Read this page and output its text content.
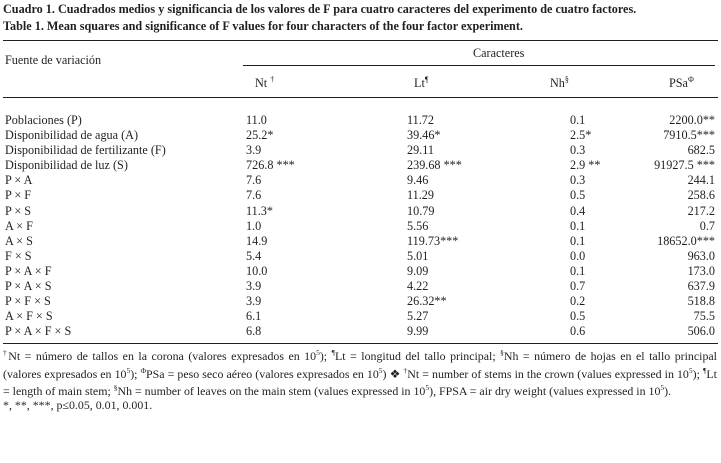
Cuadro 1. Cuadrados medios y significancia de los valores de F para cuatro caracteres del experimento de cuatro factores.
Table 1. Mean squares and significance of F values for four characters of the four factor experiment.
Caracteres
Fuente de variación
Nt †	Lt¶	Nh§	PSa$^\Phi$
Poblaciones (P)	11.0	11.72	0.1	2200.0**
Disponibilidad de agua (A)	25.2*	39.46*	2.5*	7910.5***
Disponibilidad de fertilizante (F)	3.9	29.11	0.3	682.5
Disponibilidad de luz (S)	726.8 ***	239.68 ***	2.9 **	91927.5 ***
P × A	7.6	9.46	0.3	244.1
P × F	7.6	11.29	0.5	258.6
P × S	11.3*	10.79	0.4	217.2
A × F	1.0	5.56	0.1	0.7
A × S	14.9	119.73***	0.1	18652.0***
F × S	5.4	5.01	0.0	963.0
P × A × F	10.0	9.09	0.1	173.0
P × A × S	3.9	4.22	0.7	637.9
P × F × S	3.9	26.32**	0.2	518.8
A × F × S	6.1	5.27	0.5	75.5
P × A × F × S	6.8	9.99	0.6	506.0
†Nt = número de tallos en la corona (valores expresados en $10^5$); ¶Lt = longitud del tallo principal; §Nh = número de hojas en el tallo principal (valores expresados en $10^5$); $^\Phi$PSa = peso seco aéreo (valores expresados en $10^5$) ❖ †Nt = number of stems in the crown (values expressed in $10^5$); ¶Lt = length of main stem; §Nh = number of leaves on the main stem (values expressed in $10^5$), FPSA = air dry weight (values expressed in $10^5$).
*, **, ***, p≤0.05, 0.01, 0.001.
